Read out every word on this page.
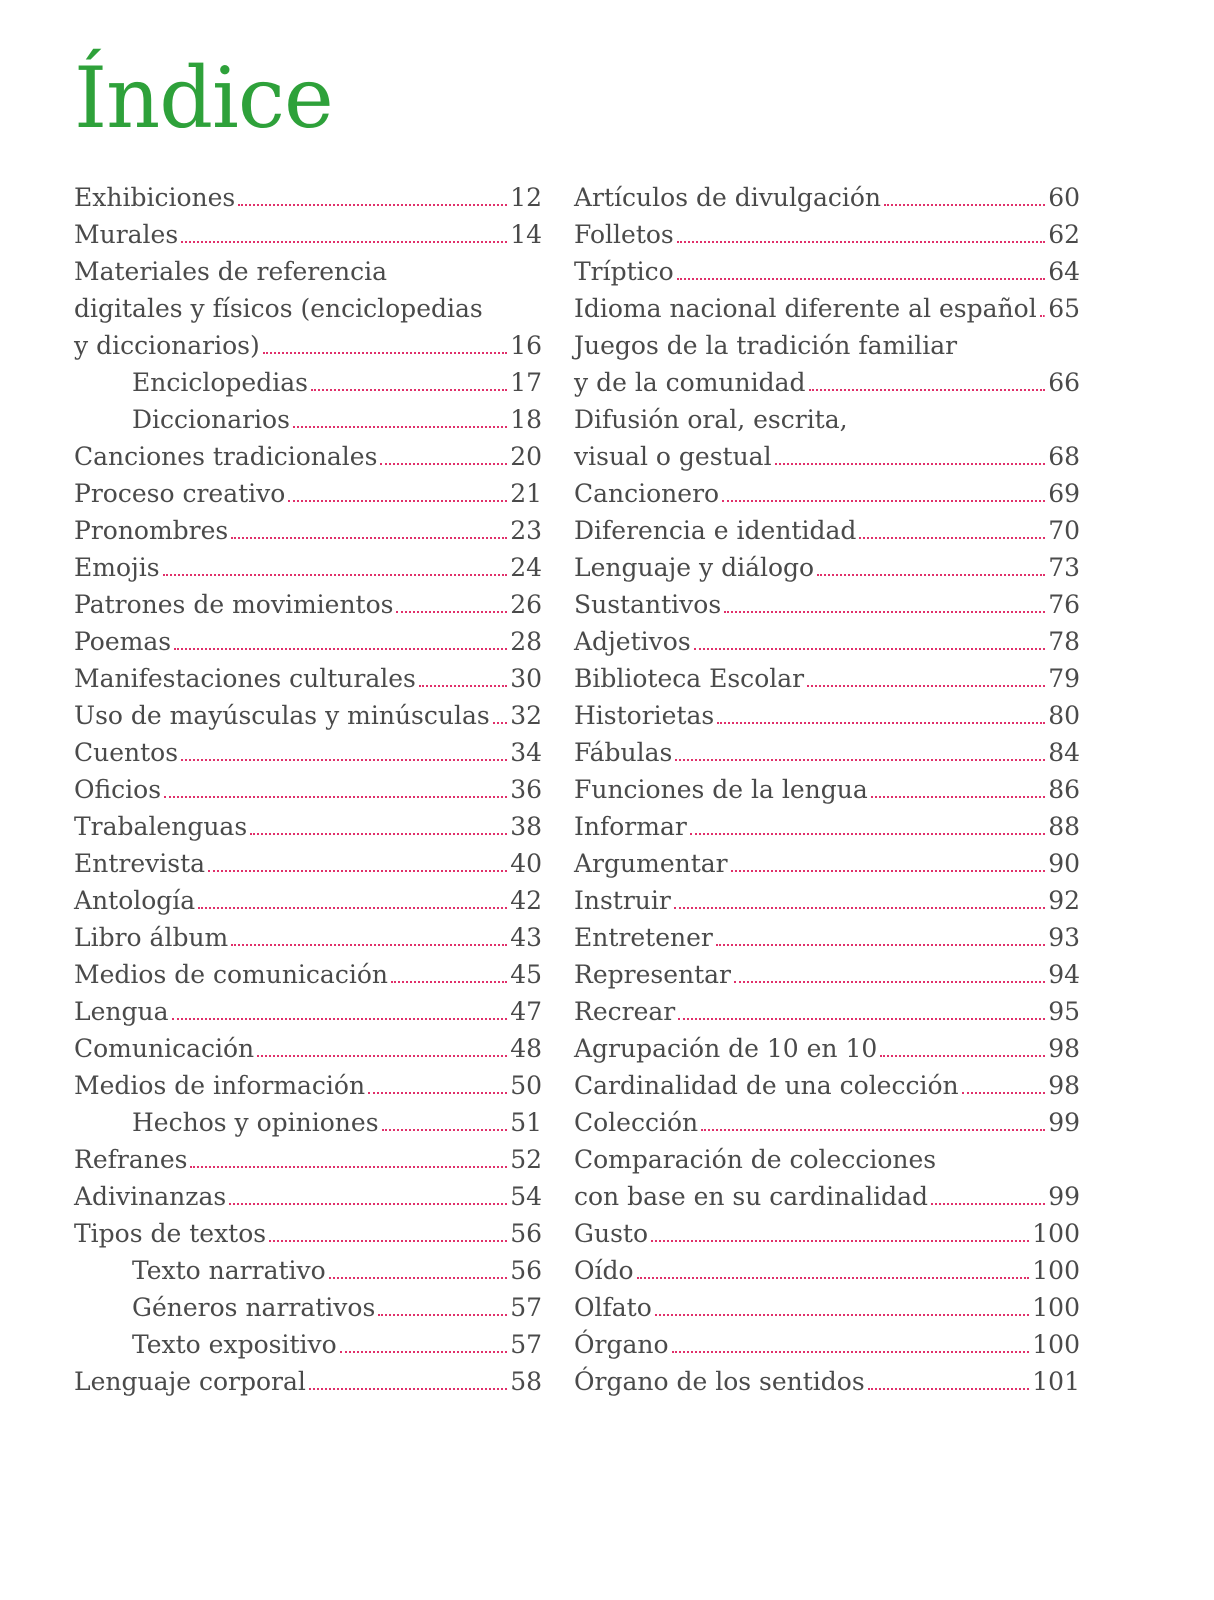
Índice
Exhibiciones	12
Murales	14
Materiales de referencia
digitales y físicos (enciclopedias
y diccionarios)	16
Enciclopedias	17
Diccionarios	18
Canciones tradicionales	20
Proceso creativo	21
Pronombres	23
Emojis	24
Patrones de movimientos	26
Poemas	28
Manifestaciones culturales	30
Uso de mayúsculas y minúsculas 32
Cuentos	34
Oficios	36
Trabalenguas	38
Entrevista	40
Antología	42
Libro álbum	43
Medios de comunicación	45
Lengua	47
Comunicación	48
Medios de información	50
Hechos y opiniones	51
Refranes	52
Adivinanzas	54
Tipos de textos	56
Texto narrativo	56
Géneros narrativos	57
Texto expositivo	57
Lenguaje corporal	58
Artículos de divulgación	60
Folletos	62
Tríptico	64
Idioma nacional diferente al español 65
Juegos de la tradición familiar
y de la comunidad	66
Difusión oral, escrita,
visual o gestual	68
Cancionero	69
Diferencia e identidad	70
Lenguaje y diálogo	73
Sustantivos	76
Adjetivos	78
Biblioteca Escolar	79
Historietas	80
Fábulas	84
Funciones de la lengua	86
Informar	88
Argumentar	90
Instruir	92
Entretener	93
Representar	94
Recrear	95
Agrupación de 10 en 10	98
Cardinalidad de una colección	98
Colección	99
Comparación de colecciones
con base en su cardinalidad	99
Gusto	100
Oído	100
Olfato	100
Órgano	100
Órgano de los sentidos	101
